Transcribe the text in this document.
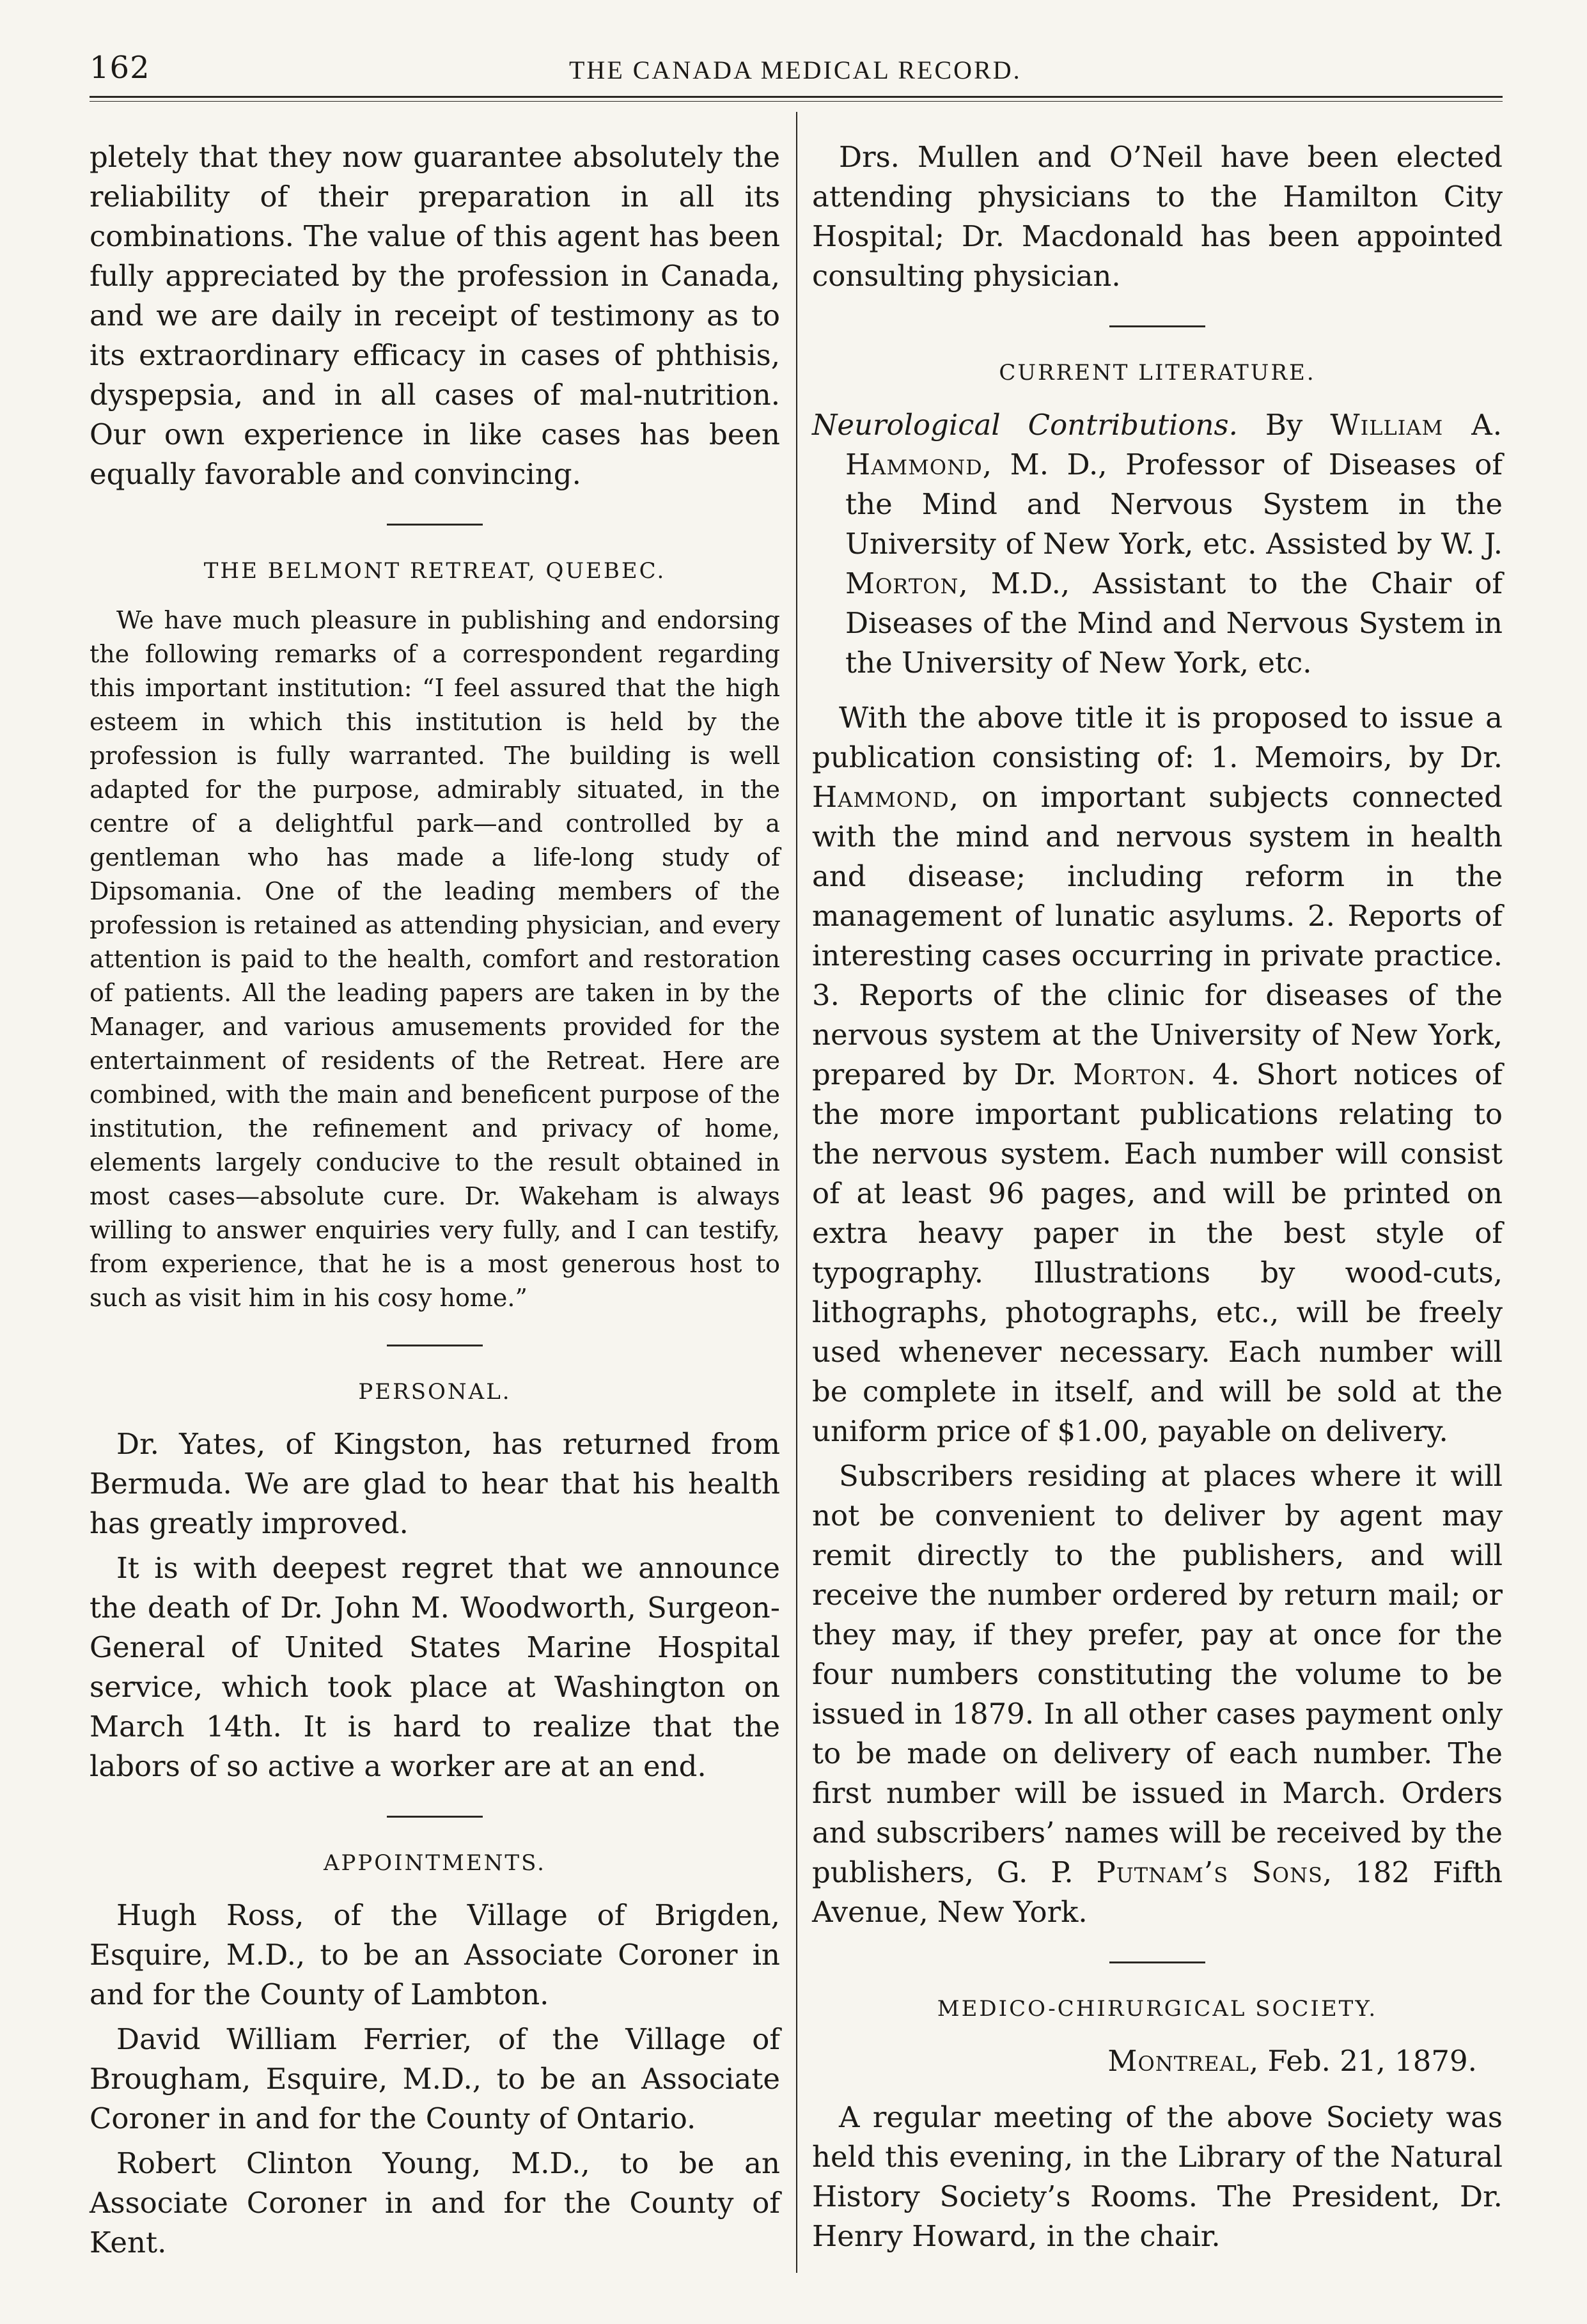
162	THE CANADA MEDICAL RECORD.

pletely that they now guarantee absolutely the reliability of their preparation in all its combinations. The value of this agent has been fully appreciated by the profession in Canada, and we are daily in receipt of testimony as to its extraordinary efficacy in cases of phthisis, dyspepsia, and in all cases of mal-nutrition. Our own experience in like cases has been equally favorable and convincing.

THE BELMONT RETREAT, QUEBEC.

We have much pleasure in publishing and endorsing the following remarks of a correspondent regarding this important institution: “I feel assured that the high esteem in which this institution is held by the profession is fully warranted. The building is well adapted for the purpose, admirably situated, in the centre of a delightful park—and controlled by a gentleman who has made a life-long study of Dipsomania. One of the leading members of the profession is retained as attending physician, and every attention is paid to the health, comfort and restoration of patients. All the leading papers are taken in by the Manager, and various amusements provided for the entertainment of residents of the Retreat. Here are combined, with the main and beneficent purpose of the institution, the refinement and privacy of home, elements largely conducive to the result obtained in most cases—absolute cure. Dr. Wakeham is always willing to answer enquiries very fully, and I can testify, from experience, that he is a most generous host to such as visit him in his cosy home.”

PERSONAL.

Dr. Yates, of Kingston, has returned from Bermuda. We are glad to hear that his health has greatly improved.

It is with deepest regret that we announce the death of Dr. John M. Woodworth, Surgeon-General of United States Marine Hospital service, which took place at Washington on March 14th. It is hard to realize that the labors of so active a worker are at an end.

APPOINTMENTS.

Hugh Ross, of the Village of Brigden, Esquire, M.D., to be an Associate Coroner in and for the County of Lambton.

David William Ferrier, of the Village of Brougham, Esquire, M.D., to be an Associate Coroner in and for the County of Ontario.

Robert Clinton Young, M.D., to be an Associate Coroner in and for the County of Kent.

Drs. Mullen and O’Neil have been elected attending physicians to the Hamilton City Hospital; Dr. Macdonald has been appointed consulting physician.

CURRENT LITERATURE.
Neurological Contributions. By William A. Hammond, M. D., Professor of Diseases of the Mind and Nervous System in the University of New York, etc. Assisted by W. J. Morton, M.D., Assistant to the Chair of Diseases of the Mind and Nervous System in the University of New York, etc.

With the above title it is proposed to issue a publication consisting of: 1. Memoirs, by Dr. Hammond, on important subjects connected with the mind and nervous system in health and disease; including reform in the management of lunatic asylums. 2. Reports of interesting cases occurring in private practice. 3. Reports of the clinic for diseases of the nervous system at the University of New York, prepared by Dr. Morton. 4. Short notices of the more important publications relating to the nervous system. Each number will consist of at least 96 pages, and will be printed on extra heavy paper in the best style of typography. Illustrations by wood-cuts, lithographs, photographs, etc., will be freely used whenever necessary. Each number will be complete in itself, and will be sold at the uniform price of $1.00, payable on delivery.

Subscribers residing at places where it will not be convenient to deliver by agent may remit directly to the publishers, and will receive the number ordered by return mail; or they may, if they prefer, pay at once for the four numbers constituting the volume to be issued in 1879. In all other cases payment only to be made on delivery of each number. The first number will be issued in March. Orders and subscribers’ names will be received by the publishers, G. P. Putnam’s Sons, 182 Fifth Avenue, New York.

MEDICO-CHIRURGICAL SOCIETY.
Montreal, Feb. 21, 1879.

A regular meeting of the above Society was held this evening, in the Library of the Natural History Society’s Rooms. The President, Dr. Henry Howard, in the chair.
